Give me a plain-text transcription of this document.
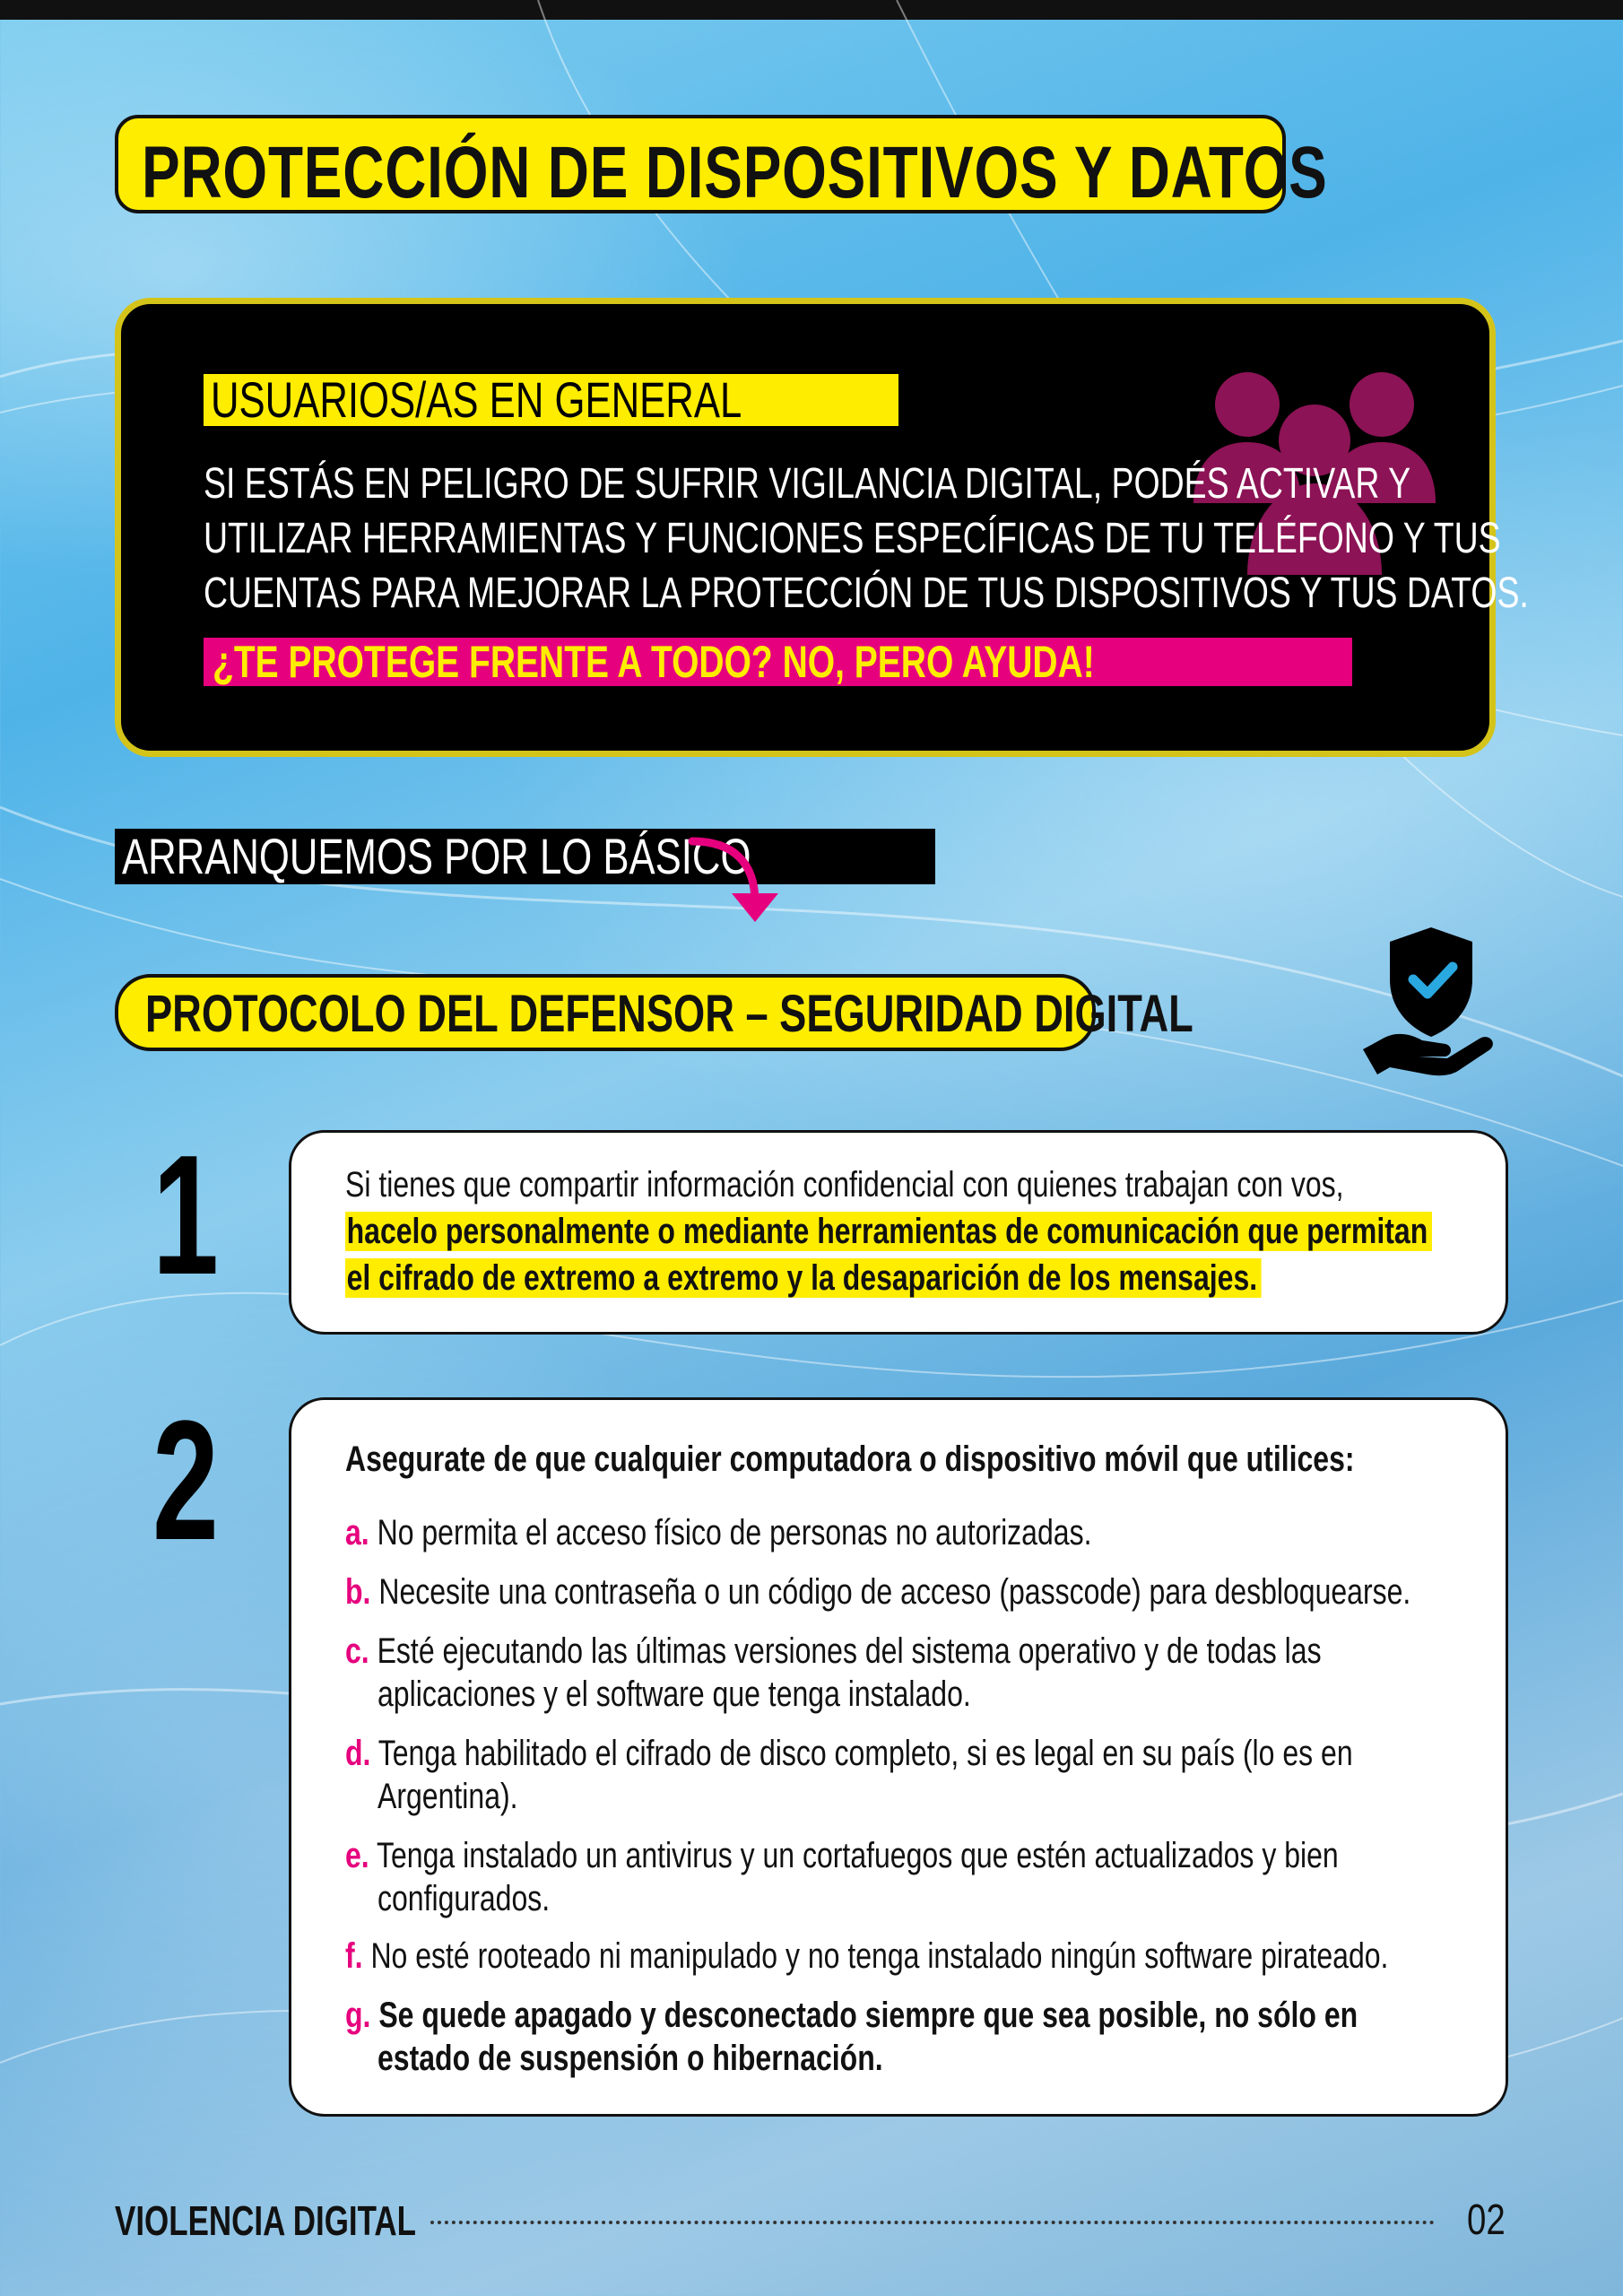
PROTECCIÓN DE DISPOSITIVOS Y DATOS
USUARIOS/AS EN GENERAL
SI ESTÁS EN PELIGRO DE SUFRIR VIGILANCIA DIGITAL, PODÉS ACTIVAR Y
UTILIZAR HERRAMIENTAS Y FUNCIONES ESPECÍFICAS DE TU TELÉFONO Y TUS
CUENTAS PARA MEJORAR LA PROTECCIÓN DE TUS DISPOSITIVOS Y TUS DATOS.
¿TE PROTEGE FRENTE A TODO? NO, PERO AYUDA!
ARRANQUEMOS POR LO BÁSICO
PROTOCOLO DEL DEFENSOR – SEGURIDAD DIGITAL
1	Si tienes que compartir información confidencial con quienes trabajan con vos,
hacelo personalmente o mediante herramientas de comunicación que permitan
el cifrado de extremo a extremo y la desaparición de los mensajes.
2	Asegurate de que cualquier computadora o dispositivo móvil que utilices:
a. No permita el acceso físico de personas no autorizadas.
b. Necesite una contraseña o un código de acceso (passcode) para desbloquearse.
c. Esté ejecutando las últimas versiones del sistema operativo y de todas las
aplicaciones y el software que tenga instalado.
d. Tenga habilitado el cifrado de disco completo, si es legal en su país (lo es en
Argentina).
e. Tenga instalado un antivirus y un cortafuegos que estén actualizados y bien
configurados.
f. No esté rooteado ni manipulado y no tenga instalado ningún software pirateado.
g. Se quede apagado y desconectado siempre que sea posible, no sólo en
estado de suspensión o hibernación.
VIOLENCIA DIGITAL	02
